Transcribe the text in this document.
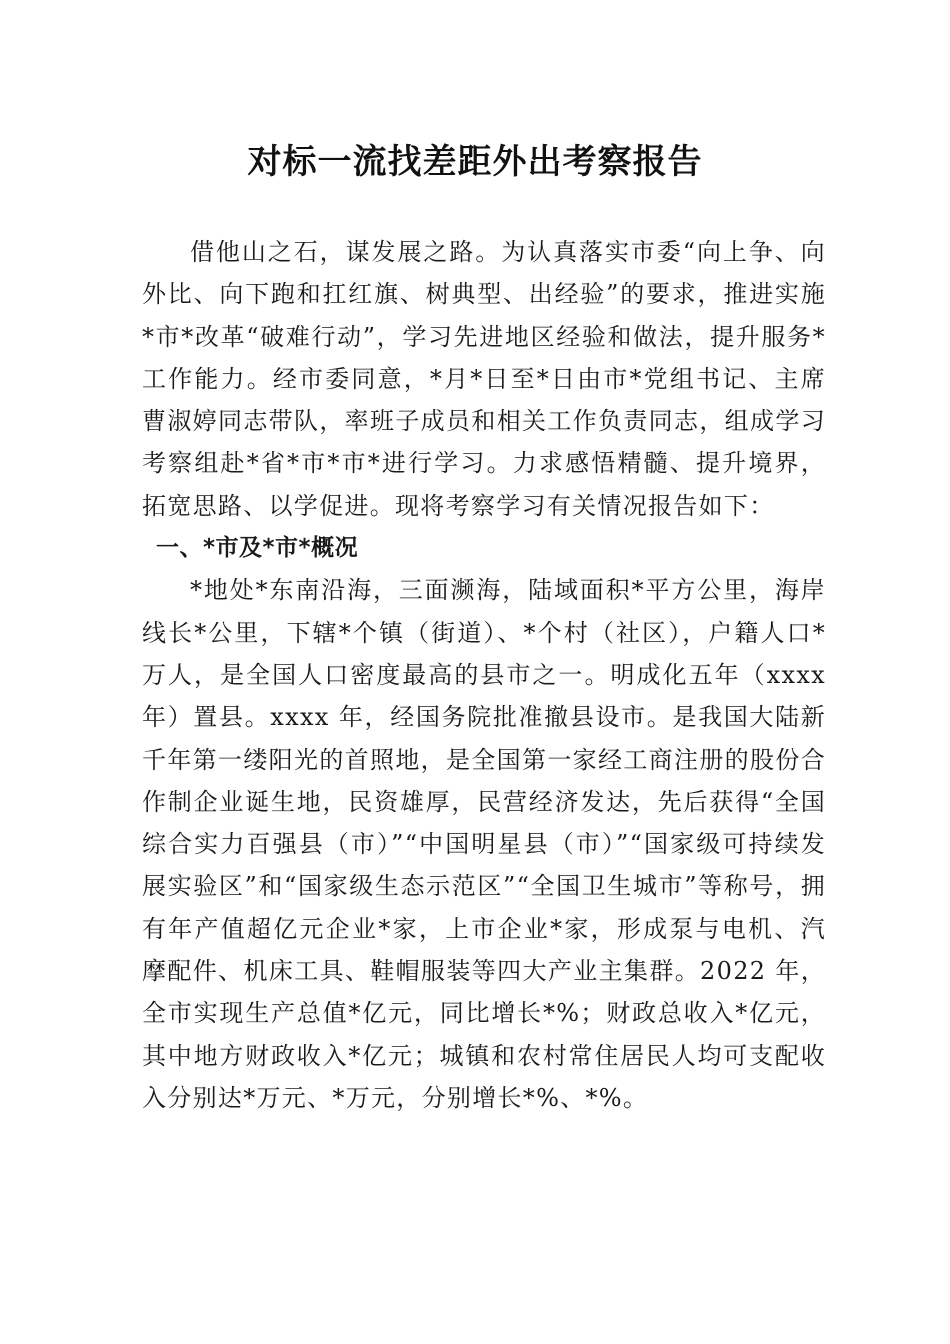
对标一流找差距外出考察报告

借他山之石，谋发展之路。为认真落实市委“向上争、向外比、向下跑和扛红旗、树典型、出经验”的要求，推进实施*市*改革“破难行动”，学习先进地区经验和做法，提升服务*工作能力。经市委同意，*月*日至*日由市*党组书记、主席曹淑婷同志带队，率班子成员和相关工作负责同志，组成学习考察组赴*省*市*市*进行学习。力求感悟精髓、提升境界，拓宽思路、以学促进。现将考察学习有关情况报告如下：

一、*市及*市*概况

*地处*东南沿海，三面濒海，陆域面积*平方公里，海岸线长*公里，下辖*个镇（街道）、*个村（社区），户籍人口*万人，是全国人口密度最高的县市之一。明成化五年（xxxx 年）置县。xxxx 年，经国务院批准撤县设市。是我国大陆新千年第一缕阳光的首照地，是全国第一家经工商注册的股份合作制企业诞生地，民资雄厚，民营经济发达，先后获得“全国综合实力百强县（市）”“中国明星县（市）”“国家级可持续发展实验区”和“国家级生态示范区”“全国卫生城市”等称号，拥有年产值超亿元企业*家，上市企业*家，形成泵与电机、汽摩配件、机床工具、鞋帽服装等四大产业主集群。2022 年，全市实现生产总值*亿元，同比增长*%；财政总收入*亿元，其中地方财政收入*亿元；城镇和农村常住居民人均可支配收入分别达*万元、*万元，分别增长*%、*%。
